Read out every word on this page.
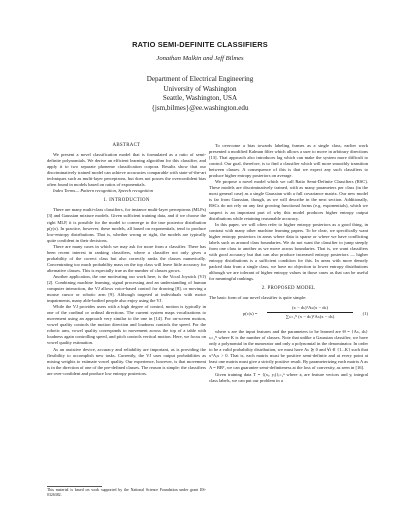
RATIO SEMI-DEFINITE CLASSIFIERS
Jonathan Malkin and Jeff Bilmes
Department of Electrical Engineering
University of Washington
Seattle, Washington, USA
{jsm,bilmes}@ee.washington.edu
ABSTRACT

We present a novel classification model that is formulated as a ratio of semi-definite polynomials. We derive an efficient learning algorithm for this classifier, and apply it to two separate phoneme classification corpora. Results show that our discriminatively trained model can achieve accuracies comparable with state-of-the-art techniques such as multi-layer perceptrons, but does not posses the overconfident bias often found in models based on ratios of exponentials.

Index Terms— Pattern recognition, Speech recognition

1. INTRODUCTION

There are many multi-class classifiers, for instance multi-layer perceptrons (MLPs)[3] and Gaussian mixture models. Given sufficient training data, and if we choose the right MLP, it is possible for the model to converge to the true posterior distribution p(y|x). In practice, however, these models, all based on exponentials, tend to produce low-entropy distributions. That is, whether wrong or right, the models are typically quite confident in their decisions.

There are many cases in which we may ask for more from a classifier. There has been recent interest in ranking classifiers, where a classifier not only gives a probability of the correct class but also correctly ranks the classes numerically. Concentrating too much probability mass on the top class will leave little accuracy for alternative classes. This is especially true as the number of classes grows.

Another application, the one motivating our work here, is the Vocal Joystick (VJ) [2]. Combining machine learning, signal processing and an understanding of human computer interaction, the VJ allows voice-based control for drawing [8], or moving a mouse cursor or robotic arm [9]. Although targeted at individuals with motor impairments, many able-bodied people also enjoy using the VJ.

While the VJ provides users with a high degree of control, motion is typically in one of the cardinal or ordinal directions. The current system maps vocalizations to movement using an approach very similar to the one in [14]. For on-screen motion, vowel quality controls the motion direction and loudness controls the speed. For the robotic arm, vowel quality corresponds to movement across the top of a table with loudness again controlling speed, and pitch controls vertical motion. Here, we focus on vowel quality estimation.

As an assistive device, accuracy and reliability are important, as is providing the flexibility to accomplish new tasks. Currently, the VJ uses output probabilities as mixing weights to estimate vowel quality. Our experience, however, is that movement is in the direction of one of the pre-defined classes. The reason is simple: the classifiers are over-confident and produce low entropy posteriors.

To overcome a bias towards labeling frames as a single class, earlier work presented a modified Kalman filter which allows a user to move in arbitrary directions [13]. That approach also introduces lag which can make the system more difficult to control. Our goal, therefore, is to find a classifier which will more smoothly transition between classes. A consequence of this is that we expect any such classifiers to produce higher entropy posteriors on average.

We propose a novel model which we call Ratio Semi-Definite Classifiers (RSC). These models are discriminatively trained, with as many parameters per class (in the most general case) as a single Gaussian with a full covariance matrix. Our new model is far from Gaussian, though, as we will describe in the next section. Additionally, RSCs do not rely on any fast growing functional forms (e.g. exponentials), which we suspect is an important part of why this model produces higher entropy output distributions while retaining reasonable accuracy.

In this paper, we will often refer to higher entropy posteriors as a good thing, in contrast with many other machine learning papers. To be clear, we specifically want higher entropy posteriors in areas where data is sparse or where we have conflicting labels such as around class boundaries. We do not want the classifier to jump steeply from one class to another as we move across boundaries. That is, we want classifiers with good accuracy but that can also produce increased entropy posteriors — higher entropy distributions is a sufficient condition for this. In areas with more densely packed data from a single class, we have no objection to lower entropy distributions although we are tolerant of higher entropy values in those cases as that can be useful for meaningful rankings.

2. PROPOSED MODEL

The basic form of our novel classifier is quite simple:

p(c|x) =
(x − dₕ)ᵀAₕ(x − dₕ)
∑ₕ₌₁ᴺ (x − dₕ)ᵀAₕ(x − dₕ)
(1)

where x are the input features and the parameters to be learned are Θ = {Aₕ, dₕ}ₕ₌₁ᴺ where K is the number of classes. Note that unlike a Gaussian classifier, we have only a polynomial in the numerator and only a polynomial in the denominator. In order to be a valid probability distribution, we must have Aₕ ⪰ 0 and ∀i ∈ {1...K} such that xᵀAᵢx > 0. That is, each matrix must be positive semi-definite and at every point at least one matrix must give a strictly positive result. By parameterizing each matrix A as A = BBᵀ, we can guarantee semi-definiteness at the loss of convexity, as seen in [16].

Given training data T = {(xᵢ, yᵢ)}ᵢ₌₁ⁿ where xᵢ are feature vectors and yᵢ integral class labels, we can put our problem in a

This material is based on work supported by the National Science Foundation under grant IIS-0326382.
